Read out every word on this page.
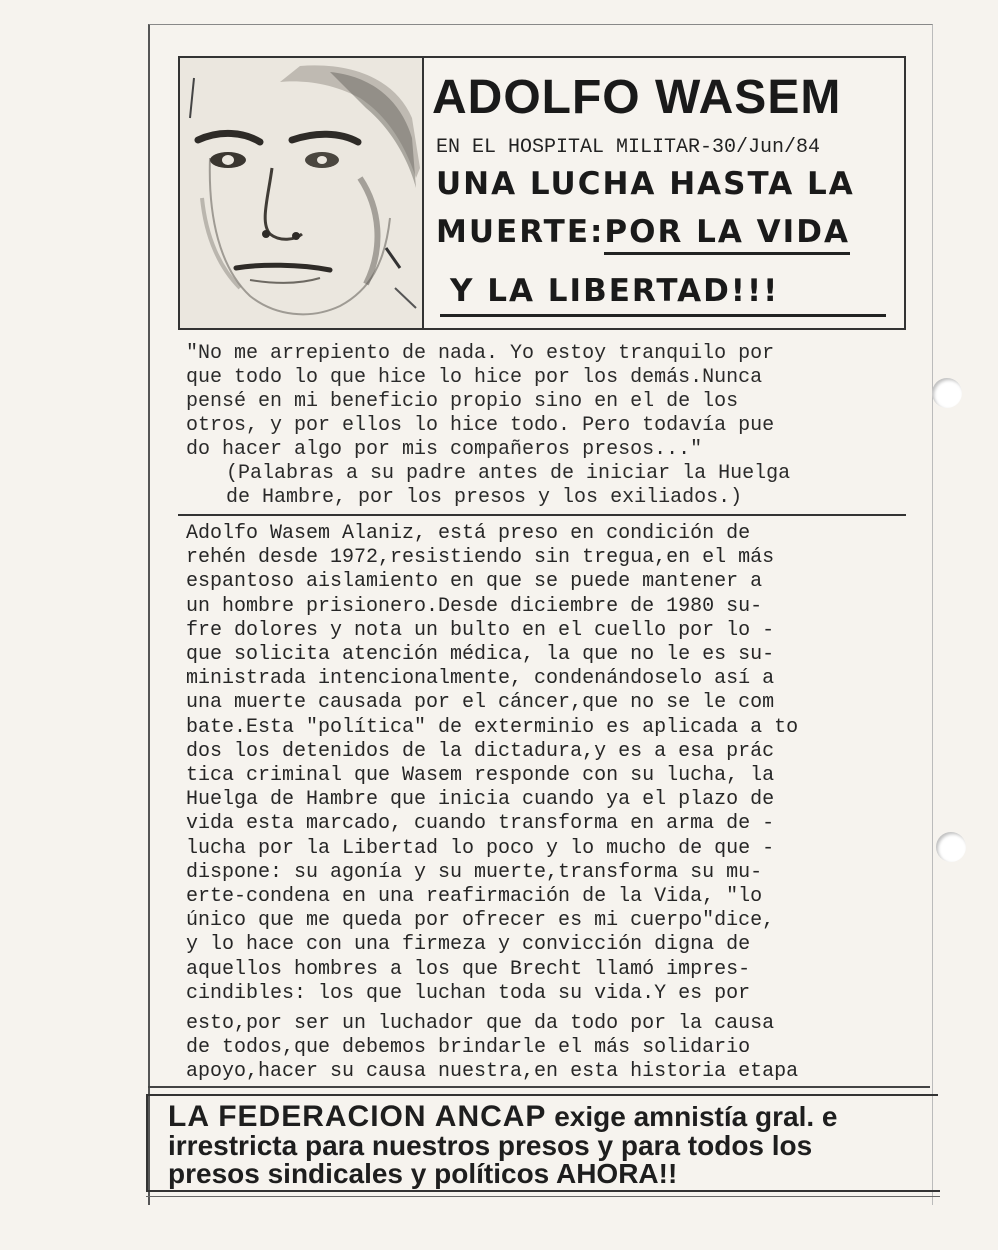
ADOLFO WASEM
EN EL HOSPITAL MILITAR-30/Jun/84
UNA LUCHA HASTA LA
MUERTE:POR LA VIDA
Y LA LIBERTAD!!!
"No me arrepiento de nada. Yo estoy tranquilo por
que todo lo que hice lo hice por los demás.Nunca
pensé en mi beneficio propio sino en el de los
otros, y por ellos lo hice todo. Pero todavía pue
do hacer algo por mis compañeros presos..."
(Palabras a su padre antes de iniciar la Huelga
de Hambre, por los presos y los exiliados.)
Adolfo Wasem Alaniz, está preso en condición de
rehén desde 1972,resistiendo sin tregua,en el más
espantoso aislamiento en que se puede mantener a
un hombre prisionero.Desde diciembre de 1980 su-
fre dolores y nota un bulto en el cuello por lo -
que solicita atención médica, la que no le es su-
ministrada intencionalmente, condenándoselo así a
una muerte causada por el cáncer,que no se le com
bate.Esta "política" de exterminio es aplicada a to
dos los detenidos de la dictadura,y es a esa prác
tica criminal que Wasem responde con su lucha, la
Huelga de Hambre que inicia cuando ya el plazo de
vida esta marcado, cuando transforma en arma de -
lucha por la Libertad lo poco y lo mucho de que -
dispone: su agonía y su muerte,transforma su mu-
erte-condena en una reafirmación de la Vida, "lo
único que me queda por ofrecer es mi cuerpo"dice,
y lo hace con una firmeza y convicción digna de
aquellos hombres a los que Brecht llamó impres-
cindibles: los que luchan toda su vida.Y es por
esto,por ser un luchador que da todo por la causa
de todos,que debemos brindarle el más solidario
apoyo,hacer su causa nuestra,en esta historia etapa
LA FEDERACION ANCAP exige amnistía gral. e
irrestricta para nuestros presos y para todos los
presos sindicales y políticos AHORA!!
